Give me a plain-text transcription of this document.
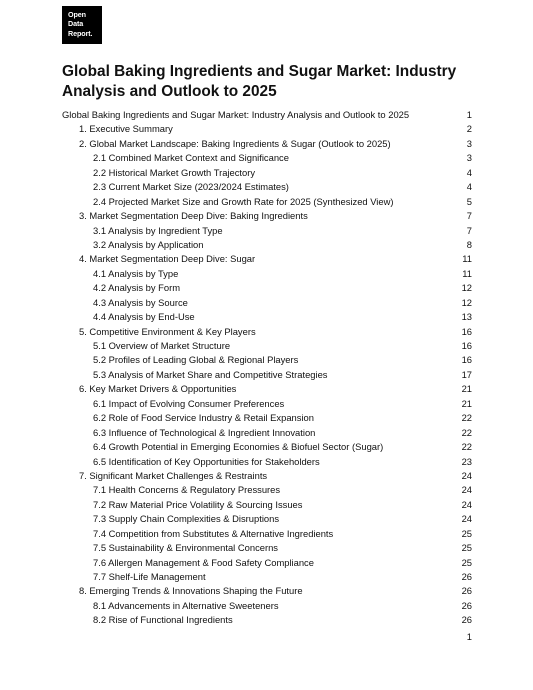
Open
Data
Report.
Global Baking Ingredients and Sugar Market: Industry Analysis and Outlook to 2025
Global Baking Ingredients and Sugar Market: Industry Analysis and Outlook to 2025	1
1. Executive Summary	2
2. Global Market Landscape: Baking Ingredients & Sugar (Outlook to 2025)	3
2.1 Combined Market Context and Significance	3
2.2 Historical Market Growth Trajectory	4
2.3 Current Market Size (2023/2024 Estimates)	4
2.4 Projected Market Size and Growth Rate for 2025 (Synthesized View)	5
3. Market Segmentation Deep Dive: Baking Ingredients	7
3.1 Analysis by Ingredient Type	7
3.2 Analysis by Application	8
4. Market Segmentation Deep Dive: Sugar	11
4.1 Analysis by Type	11
4.2 Analysis by Form	12
4.3 Analysis by Source	12
4.4 Analysis by End-Use	13
5. Competitive Environment & Key Players	16
5.1 Overview of Market Structure	16
5.2 Profiles of Leading Global & Regional Players	16
5.3 Analysis of Market Share and Competitive Strategies	17
6. Key Market Drivers & Opportunities	21
6.1 Impact of Evolving Consumer Preferences	21
6.2 Role of Food Service Industry & Retail Expansion	22
6.3 Influence of Technological & Ingredient Innovation	22
6.4 Growth Potential in Emerging Economies & Biofuel Sector (Sugar)	22
6.5 Identification of Key Opportunities for Stakeholders	23
7. Significant Market Challenges & Restraints	24
7.1 Health Concerns & Regulatory Pressures	24
7.2 Raw Material Price Volatility & Sourcing Issues	24
7.3 Supply Chain Complexities & Disruptions	24
7.4 Competition from Substitutes & Alternative Ingredients	25
7.5 Sustainability & Environmental Concerns	25
7.6 Allergen Management & Food Safety Compliance	25
7.7 Shelf-Life Management	26
8. Emerging Trends & Innovations Shaping the Future	26
8.1 Advancements in Alternative Sweeteners	26
8.2 Rise of Functional Ingredients	26
1
